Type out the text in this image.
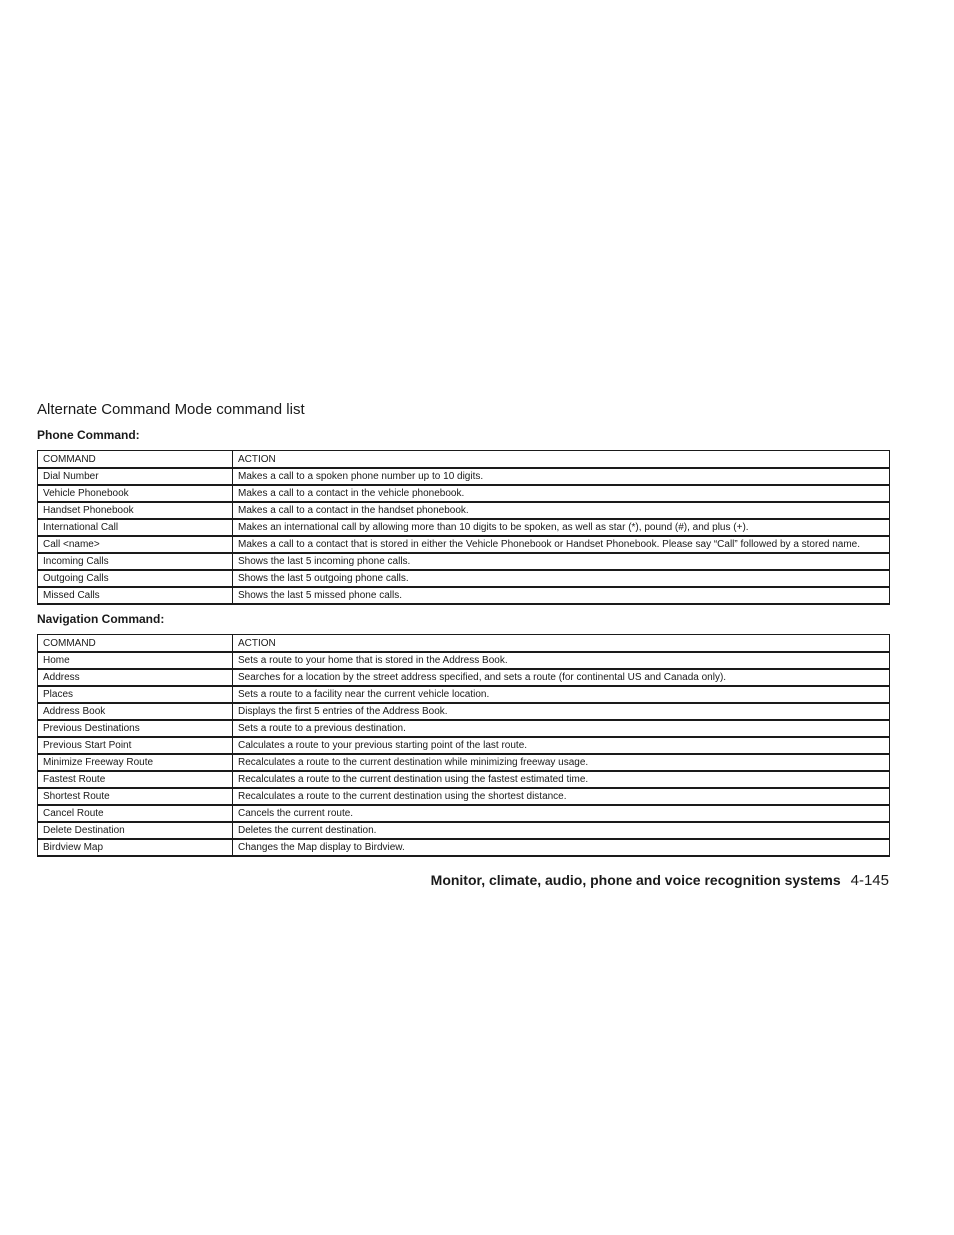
Alternate Command Mode command list
Phone Command:
COMMAND	ACTION
Dial Number	Makes a call to a spoken phone number up to 10 digits.
Vehicle Phonebook	Makes a call to a contact in the vehicle phonebook.
Handset Phonebook	Makes a call to a contact in the handset phonebook.
International Call	Makes an international call by allowing more than 10 digits to be spoken, as well as star (*), pound (#), and plus (+).
Call <name>	Makes a call to a contact that is stored in either the Vehicle Phonebook or Handset Phonebook. Please say “Call” followed by a stored name.
Incoming Calls	Shows the last 5 incoming phone calls.
Outgoing Calls	Shows the last 5 outgoing phone calls.
Missed Calls	Shows the last 5 missed phone calls.
Navigation Command:
COMMAND	ACTION
Home	Sets a route to your home that is stored in the Address Book.
Address	Searches for a location by the street address specified, and sets a route (for continental US and Canada only).
Places	Sets a route to a facility near the current vehicle location.
Address Book	Displays the first 5 entries of the Address Book.
Previous Destinations	Sets a route to a previous destination.
Previous Start Point	Calculates a route to your previous starting point of the last route.
Minimize Freeway Route	Recalculates a route to the current destination while minimizing freeway usage.
Fastest Route	Recalculates a route to the current destination using the fastest estimated time.
Shortest Route	Recalculates a route to the current destination using the shortest distance.
Cancel Route	Cancels the current route.
Delete Destination	Deletes the current destination.
Birdview Map	Changes the Map display to Birdview.
Monitor, climate, audio, phone and voice recognition systems 4-145
